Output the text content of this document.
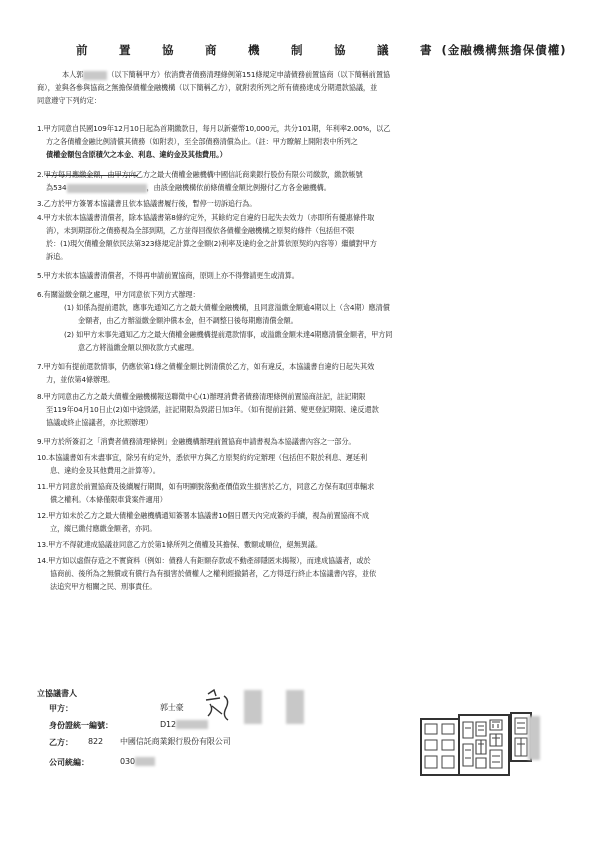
前　置　協　商　機　制　協　議　書(金融機構無擔保債權)
本人郭	（以下簡稱甲方）依消費者債務清理條例第151條規定申請債務前置協商（以下簡稱前置協
商），並與各參與協商之無擔保債權金融機構（以下簡稱乙方），就附表所列之所有債務達成分期還款協議，並
同意遵守下列約定：
1.甲方同意自民國109年12月10日起為首期繳款日，每月以新臺幣10,000元，共分101期，年利率2.00%，以乙
方之各債權金融比例清償其債務（如附表），至全部債務清償為止。（註：甲方瞭解上開附表中所列之
債權金額包含原積欠之本金、利息、違約金及其他費用。）
2.甲方每月應繳金額，由甲方向乙方之最大債權金融機構中國信託商業銀行股份有限公司繳款，繳款帳號
為534	，由該金融機構依前條債權金額比例撥付乙方各金融機構。
3.乙方於甲方簽署本協議書且依本協議書履行後，暫停一切訴追行為。
4.甲方未依本協議書清償者，除本協議書第8條約定外，其餘約定自違約日起失去效力（亦即所有優惠條件取
消），未到期部份之債務視為全部到期，乙方並得回復依各債權金融機構之原契約條件（包括但不限
於：(1)現欠債權金額依民法第323條規定計算之金額(2)利率及違約金之計算依原契約內容等）繼續對甲方
訴追。
5.甲方未依本協議書清償者，不得再申請前置協商，原則上亦不得聲請更生或清算。
6.有關溢繳金額之處理，甲方同意依下列方式辦理：
(1) 如係為提前還款，應事先通知乙方之最大債權金融機構，且同意溢繳金額逾4期以上（含4期）應清償
金額者，由乙方辦溢繳金額沖償本金，但不調整日後每期應清償金額。
(2) 如甲方未事先通知乙方之最大債權金融機構提前還款情事，或溢繳金額未達4期應清償金額者，甲方同
意乙方將溢繳金額以預收款方式處理。
7.甲方如有提前還款情事，仍應依第1條之債權金額比例清償於乙方，如有違反，本協議書自違約日起失其效
力，並依第4條辦理。
8.甲方同意由乙方之最大債權金融機構報送聯徵中心(1)辦理消費者債務清理條例前置協商註記，註記期限
至119年04月10日止(2)如中途毀諾，註記期限為毀諾日加3年。（如有提前註銷、變更登記期限、違反還款
協議或終止協議者，亦比照辦理）
9.甲方於所簽訂之「消費者債務清理條例」金融機構辦理前置協商申請書視為本協議書內容之一部分。
10.本協議書如有未盡事宜，除另有約定外，悉依甲方與乙方原契約約定辦理（包括但不限於利息、遲延利
息、違約金及其他費用之計算等）。
11.甲方同意於前置協商及後續履行期間，如有明顯脫落動產價值致生損害於乙方，同意乙方保有取回車輛求
償之權利。（本條僅限車貸案件適用）
12.甲方如未於乙方之最大債權金融機構通知簽署本協議書10個日曆天內完成簽約手續，視為前置協商不成
立，縱已繳付應繳金額者，亦同。
13.甲方不得就達成協議並同意乙方於第1條所列之債權及其擔保、數額或順位，絕無異議。
14.甲方如以虛假存造之不實資料（例如：債務人有鉅額存款或不動產卻隱匿未揭報），而達成協議者，或於
協商前、後所為之無償或有償行為有損害於債權人之權利經撤銷者，乙方得逕行終止本協議書內容，並依
法追究甲方相關之民、刑事責任。
立協議書人
甲方：	郭士豪
身份證統一編號：	D12
乙方： 822 中國信託商業銀行股份有限公司
公司統編：	030
